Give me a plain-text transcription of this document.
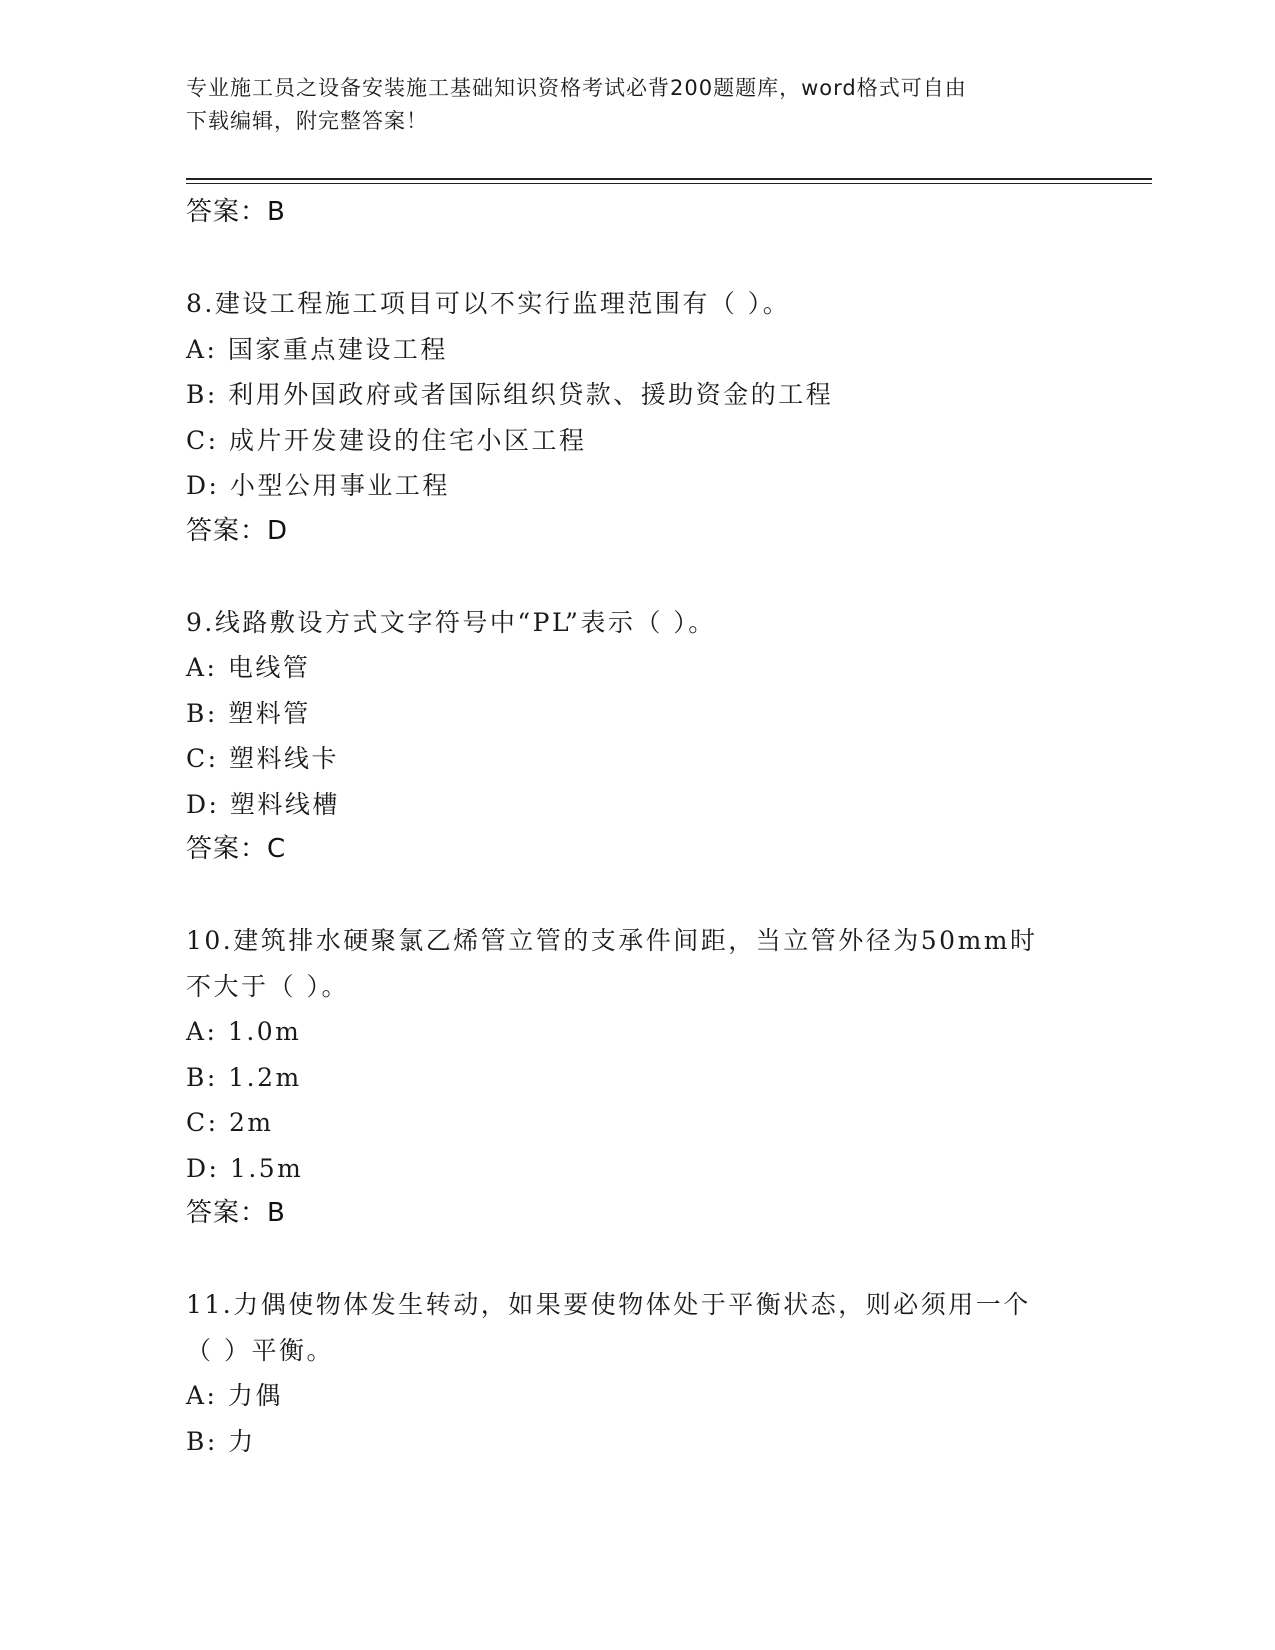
专业施工员之设备安装施工基础知识资格考试必背200题题库，word格式可自由
下载编辑，附完整答案！
答案：B
8.建设工程施工项目可以不实行监理范围有（ ）。
A: 国家重点建设工程
B: 利用外国政府或者国际组织贷款、援助资金的工程
C: 成片开发建设的住宅小区工程
D: 小型公用事业工程
答案：D
9.线路敷设方式文字符号中“PL”表示（ ）。
A: 电线管
B: 塑料管
C: 塑料线卡
D: 塑料线槽
答案：C
10.建筑排水硬聚氯乙烯管立管的支承件间距，当立管外径为50mm时
不大于（ ）。
A: 1.0m
B: 1.2m
C: 2m
D: 1.5m
答案：B
11.力偶使物体发生转动，如果要使物体处于平衡状态，则必须用一个
（ ）平衡。
A: 力偶
B: 力
